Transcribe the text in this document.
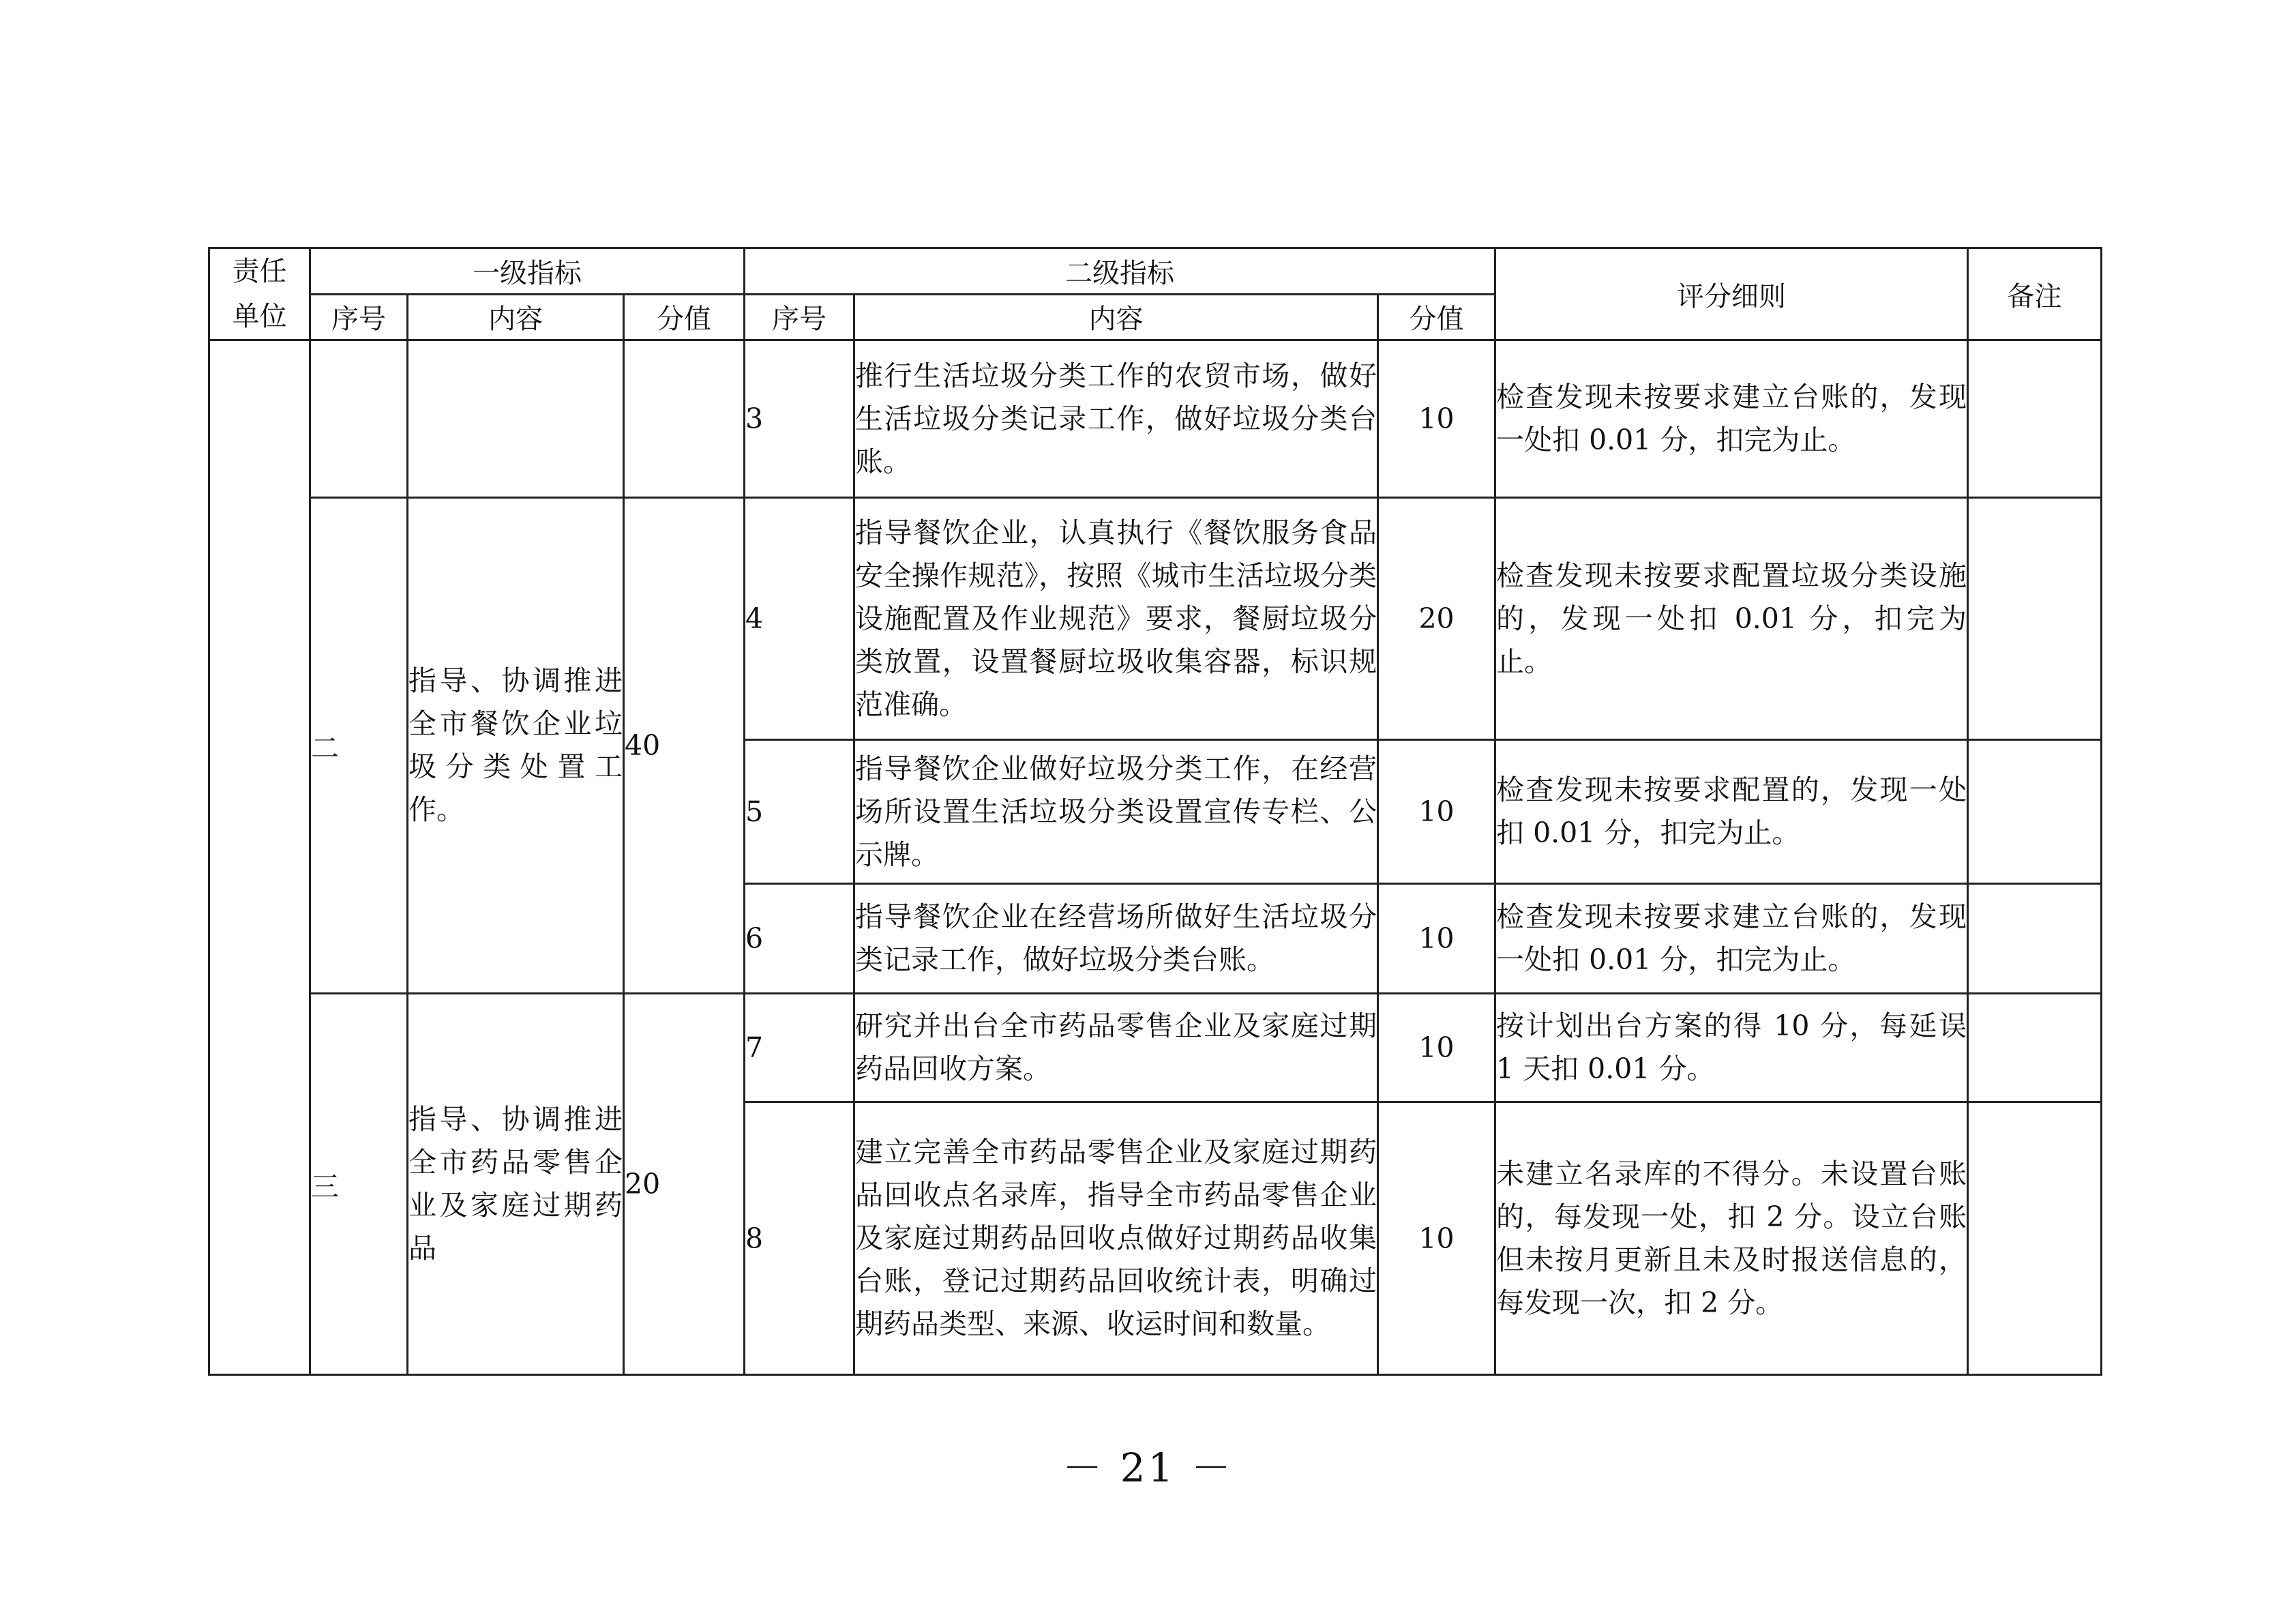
责任
单位	一级指标			二级指标			评分细则	备注
	序号	内容	分值	序号	内容	分值		
				3	推行生活垃圾分类工作的农贸市场，做好生活垃圾分类记录工作，做好垃圾分类台账。	10	检查发现未按要求建立台账的，发现一处扣 0.01 分，扣完为止。	
	二	指导、协调推进全市餐饮企业垃圾分类处置工作。	40	4	指导餐饮企业，认真执行《餐饮服务食品安全操作规范》，按照《城市生活垃圾分类设施配置及作业规范》要求，餐厨垃圾分类放置，设置餐厨垃圾收集容器，标识规范准确。	20	检查发现未按要求配置垃圾分类设施的，发现一处扣 0.01 分，扣完为止。	
				5	指导餐饮企业做好垃圾分类工作，在经营场所设置生活垃圾分类设置宣传专栏、公示牌。	10	检查发现未按要求配置的，发现一处扣 0.01 分，扣完为止。	
				6	指导餐饮企业在经营场所做好生活垃圾分类记录工作，做好垃圾分类台账。	10	检查发现未按要求建立台账的，发现一处扣 0.01 分，扣完为止。	
	三	指导、协调推进全市药品零售企业及家庭过期药品	20	7	研究并出台全市药品零售企业及家庭过期药品回收方案。	10	按计划出台方案的得 10 分，每延误 1 天扣 0.01 分。	
				8	建立完善全市药品零售企业及家庭过期药品回收点名录库，指导全市药品零售企业及家庭过期药品回收点做好过期药品收集台账，登记过期药品回收统计表，明确过期药品类型、来源、收运时间和数量。	10	未建立名录库的不得分。未设置台账的，每发现一处，扣 2 分。设立台账但未按月更新且未及时报送信息的，每发现一次，扣 2 分。	
－ 21 －
